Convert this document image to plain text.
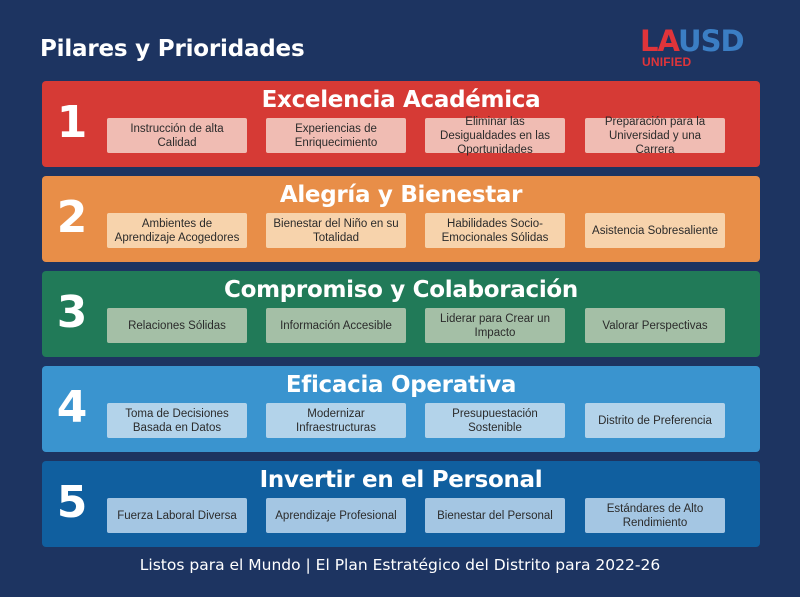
Pilares y Prioridades	LAUSD
UNIFIED
1	Excelencia Académica
Instrucción de alta Calidad
Experiencias de Enriquecimiento
Eliminar las Desigualdades en las Oportunidades
Preparación para la Universidad y una Carrera
2	Alegría y Bienestar
Ambientes de Aprendizaje Acogedores
Bienestar del Niño en su Totalidad
Habilidades Socio-Emocionales Sólidas
Asistencia Sobresaliente
3	Compromiso y Colaboración
Relaciones Sólidas	Información Accesible
Liderar para Crear un Impacto
Valorar Perspectivas
4	Eficacia Operativa
Toma de Decisiones Basada en Datos
Modernizar Infraestructuras
Presupuestación Sostenible
Distrito de Preferencia
5	Invertir en el Personal
Fuerza Laboral Diversa	Aprendizaje Profesional	Bienestar del Personal
Estándares de Alto Rendimiento
Listos para el Mundo | El Plan Estratégico del Distrito para 2022-26
